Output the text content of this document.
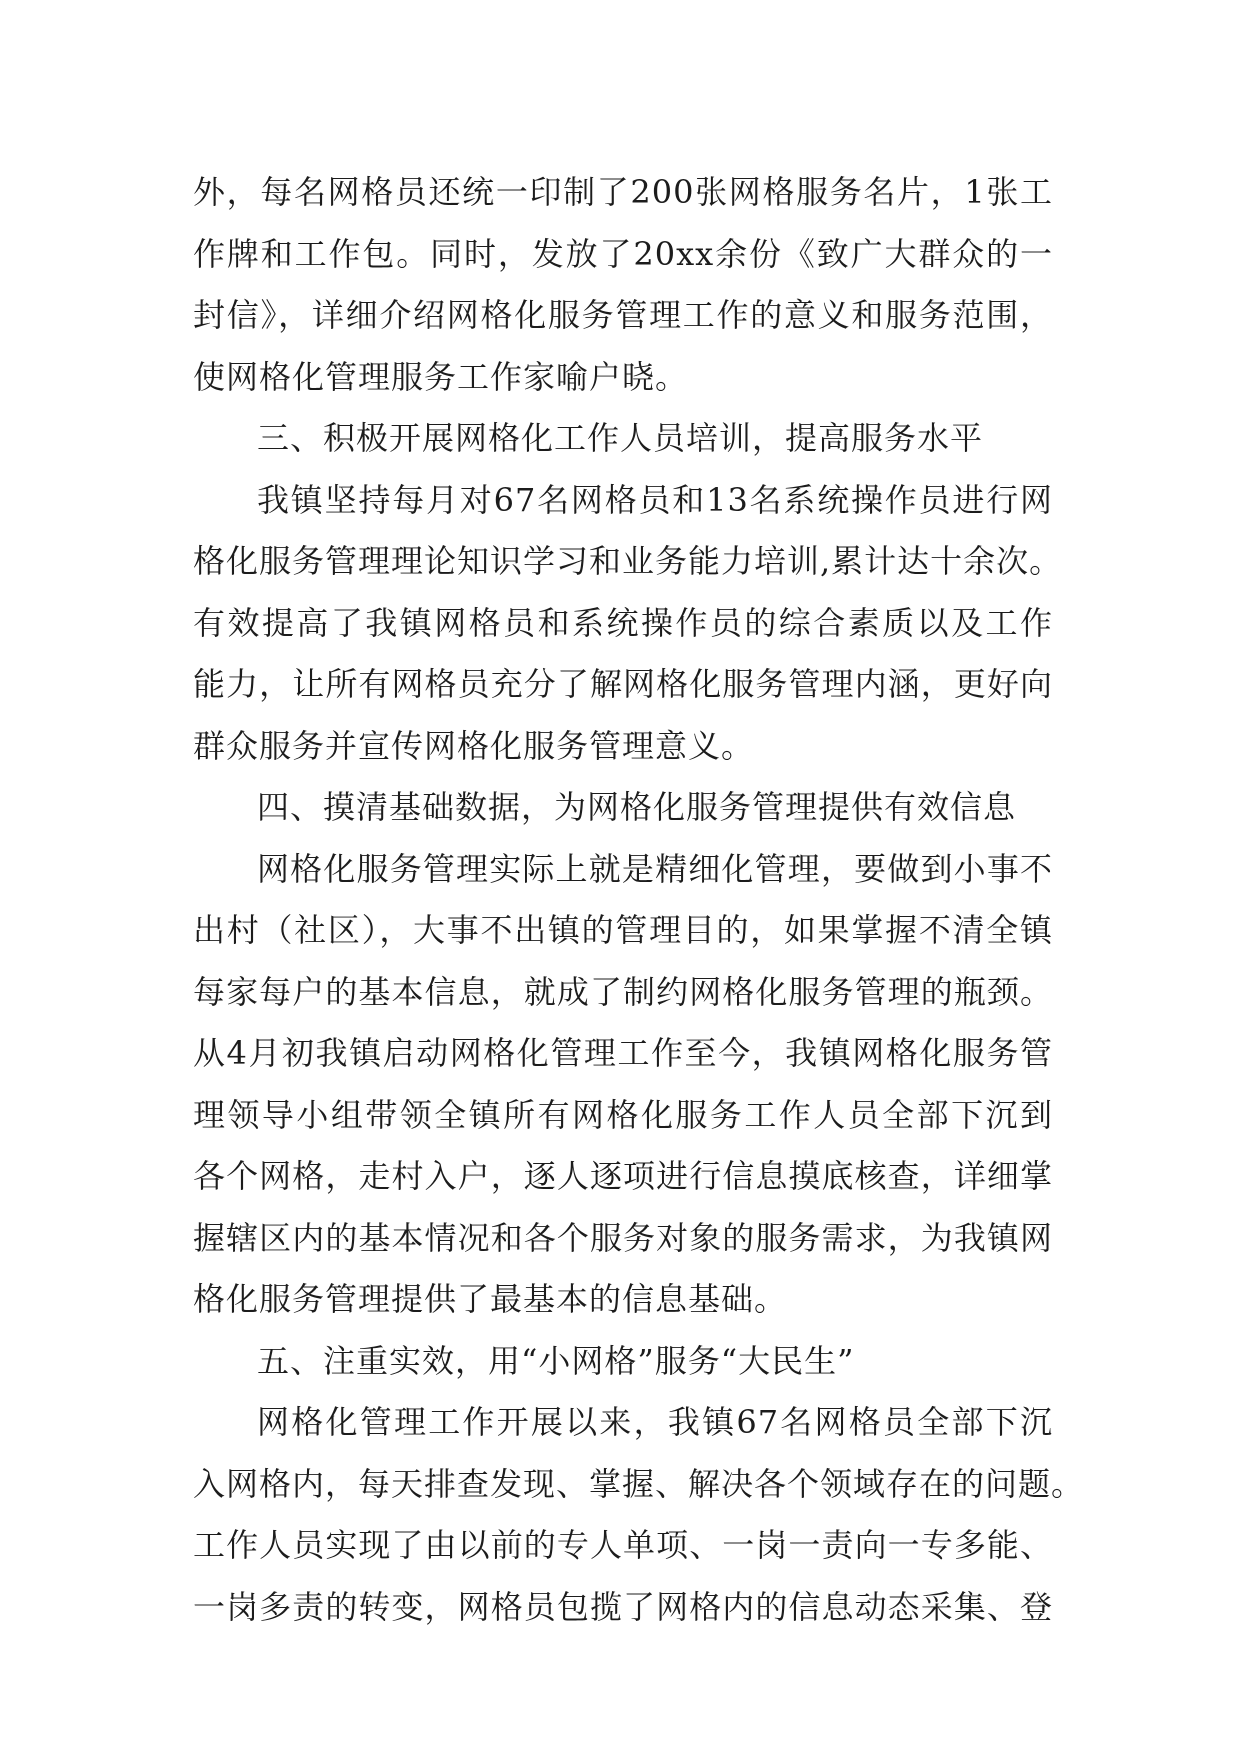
外，每名网格员还统一印制了200张网格服务名片，1张工
作牌和工作包。同时，发放了20xx余份《致广大群众的一
封信》，详细介绍网格化服务管理工作的意义和服务范围，
使网格化管理服务工作家喻户晓。
三、积极开展网格化工作人员培训，提高服务水平
我镇坚持每月对67名网格员和13名系统操作员进行网
格化服务管理理论知识学习和业务能力培训,累计达十余次。
有效提高了我镇网格员和系统操作员的综合素质以及工作
能力，让所有网格员充分了解网格化服务管理内涵，更好向
群众服务并宣传网格化服务管理意义。
四、摸清基础数据，为网格化服务管理提供有效信息
网格化服务管理实际上就是精细化管理，要做到小事不
出村（社区），大事不出镇的管理目的，如果掌握不清全镇
每家每户的基本信息，就成了制约网格化服务管理的瓶颈。
从4月初我镇启动网格化管理工作至今，我镇网格化服务管
理领导小组带领全镇所有网格化服务工作人员全部下沉到
各个网格，走村入户，逐人逐项进行信息摸底核查，详细掌
握辖区内的基本情况和各个服务对象的服务需求，为我镇网
格化服务管理提供了最基本的信息基础。
五、注重实效，用“小网格”服务“大民生”
网格化管理工作开展以来，我镇67名网格员全部下沉
入网格内，每天排查发现、掌握、解决各个领域存在的问题。
工作人员实现了由以前的专人单项、一岗一责向一专多能、
一岗多责的转变，网格员包揽了网格内的信息动态采集、登
